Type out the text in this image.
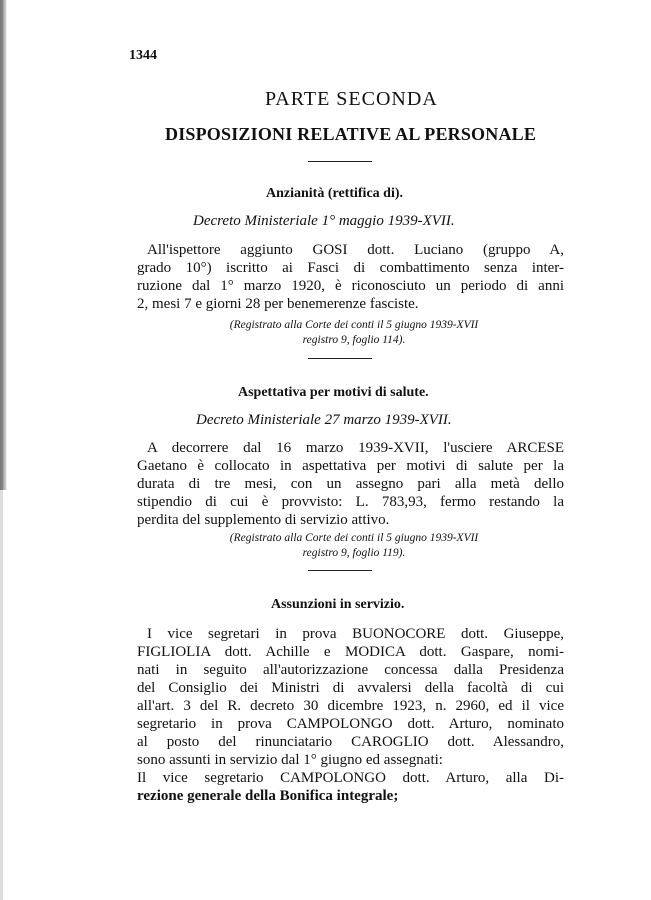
1344
PARTE SECONDA
DISPOSIZIONI RELATIVE AL PERSONALE
Anzianità (rettifica di).
Decreto Ministeriale 1° maggio 1939-XVII.
All'ispettore aggiunto GOSI dott. Luciano (gruppo A,
grado 10°) iscritto ai Fasci di combattimento senza inter-
ruzione dal 1° marzo 1920, è riconosciuto un periodo di anni
2, mesi 7 e giorni 28 per benemerenze fasciste.
(Registrato alla Corte dei conti il 5 giugno 1939-XVII
registro 9, foglio 114).
Aspettativa per motivi di salute.
Decreto Ministeriale 27 marzo 1939-XVII.
A decorrere dal 16 marzo 1939-XVII, l'usciere ARCESE
Gaetano è collocato in aspettativa per motivi di salute per la
durata di tre mesi, con un assegno pari alla metà dello
stipendio di cui è provvisto: L. 783,93, fermo restando la
perdita del supplemento di servizio attivo.
(Registrato alla Corte dei conti il 5 giugno 1939-XVII
registro 9, foglio 119).
Assunzioni in servizio.
I vice segretari in prova BUONOCORE dott. Giuseppe,
FIGLIOLIA dott. Achille e MODICA dott. Gaspare, nomi-
nati in seguito all'autorizzazione concessa dalla Presidenza
del Consiglio dei Ministri di avvalersi della facoltà di cui
all'art. 3 del R. decreto 30 dicembre 1923, n. 2960, ed il vice
segretario in prova CAMPOLONGO dott. Arturo, nominato
al posto del rinunciatario CAROGLIO dott. Alessandro,
sono assunti in servizio dal 1° giugno ed assegnati:
Il vice segretario CAMPOLONGO dott. Arturo, alla Di-
rezione generale della Bonifica integrale;
